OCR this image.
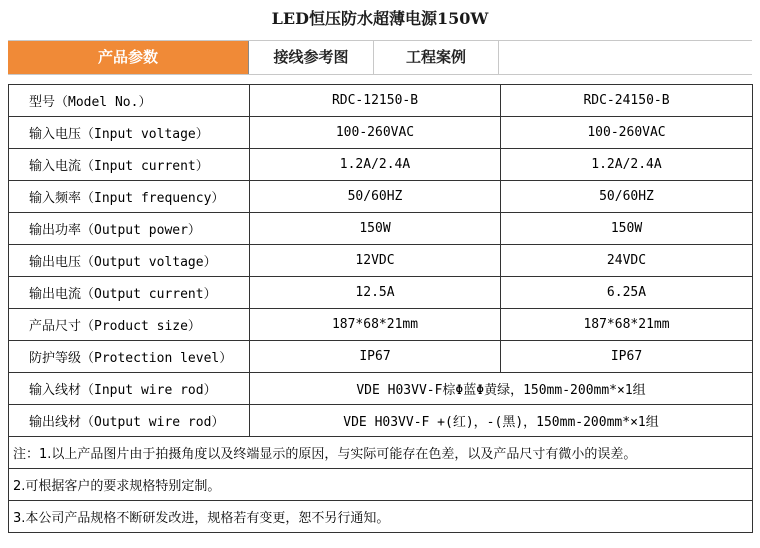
LED恒压防水超薄电源150W
产品参数	接线参考图	工程案例
型号（Model No.）	RDC-12150-B	RDC-24150-B
输入电压（Input voltage）	100-260VAC	100-260VAC
输入电流（Input current）	1.2A/2.4A	1.2A/2.4A
输入频率（Input frequency）	50/60HZ	50/60HZ
输出功率（Output power）	150W	150W
输出电压（Output voltage）	12VDC	24VDC
输出电流（Output current）	12.5A	6.25A
产品尺寸（Product size）	187*68*21mm	187*68*21mm
防护等级（Protection level）	IP67	IP67
输入线材（Input wire rod）	VDE H03VV-F棕Φ蓝Φ黄绿，150mm-200mm*×1组	
输出线材（Output wire rod）	VDE H03VV-F +(红)，-(黑)，150mm-200mm*×1组	
注：1.以上产品图片由于拍摄角度以及终端显示的原因，与实际可能存在色差，以及产品尺寸有微小的误差。		
2.可根据客户的要求规格特别定制。		
3.本公司产品规格不断研发改进，规格若有变更，恕不另行通知。		
